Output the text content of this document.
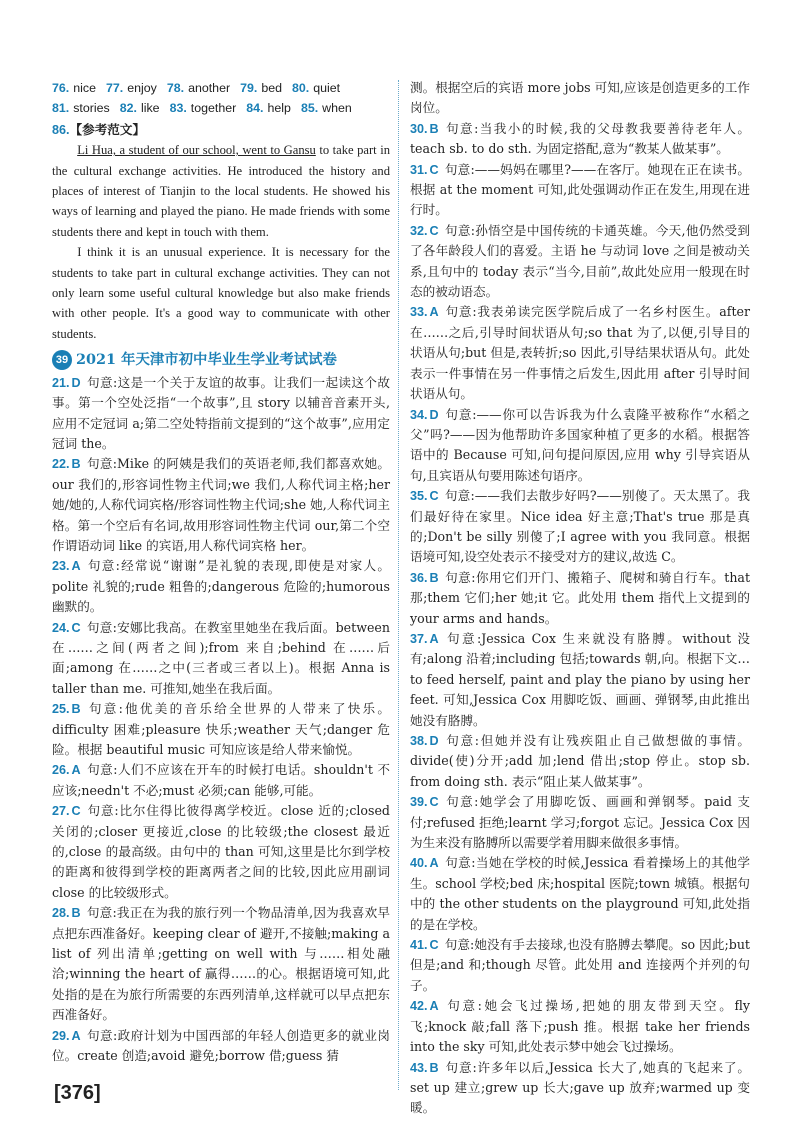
76. nice 77. enjoy 78. another 79. bed 80. quiet
81. stories 82. like 83. together 84. help 85. when
86.【参考范文】

Li Hua, a student of our school, went to Gansu to take part in the cultural exchange activities. He introduced the history and places of interest of Tianjin to the local students. He showed his ways of learning and played the piano. He made friends with some students there and kept in touch with them.

I think it is an unusual experience. It is necessary for the students to take part in cultural exchange activities. They can not only learn some useful cultural knowledge but also make friends with other people. It's a good way to communicate with other students.

39 2021 年天津市初中毕业生学业考试试卷
21. D 句意:这是一个关于友谊的故事。让我们一起读这个故事。第一个空处泛指“一个故事”,且 story 以辅音音素开头,应用不定冠词 a;第二空处特指前文提到的“这个故事”,应用定冠词 the。
22. B 句意:Mike 的阿姨是我们的英语老师,我们都喜欢她。our 我们的,形容词性物主代词;we 我们,人称代词主格;her 她/她的,人称代词宾格/形容词性物主代词;she 她,人称代词主格。第一个空后有名词,故用形容词性物主代词 our,第二个空作谓语动词 like 的宾语,用人称代词宾格 her。
23. A 句意:经常说“谢谢”是礼貌的表现,即使是对家人。polite 礼貌的;rude 粗鲁的;dangerous 危险的;humorous 幽默的。
24. C 句意:安娜比我高。在教室里她坐在我后面。between 在……之间(两者之间);from 来自;behind 在……后面;among 在……之中(三者或三者以上)。根据 Anna is taller than me. 可推知,她坐在我后面。
25. B 句意:他优美的音乐给全世界的人带来了快乐。difficulty 困难;pleasure 快乐;weather 天气;danger 危险。根据 beautiful music 可知应该是给人带来愉悦。
26. A 句意:人们不应该在开车的时候打电话。shouldn't 不应该;needn't 不必;must 必须;can 能够,可能。
27. C 句意:比尔住得比彼得离学校近。close 近的;closed 关闭的;closer 更接近,close 的比较级;the closest 最近的,close 的最高级。由句中的 than 可知,这里是比尔到学校的距离和彼得到学校的距离两者之间的比较,因此应用副词 close 的比较级形式。
28. B 句意:我正在为我的旅行列一个物品清单,因为我喜欢早点把东西准备好。keeping clear of 避开,不接触;making a list of 列出清单;getting on well with 与……相处融洽;winning the heart of 赢得……的心。根据语境可知,此处指的是在为旅行所需要的东西列清单,这样就可以早点把东西准备好。
29. A 句意:政府计划为中国西部的年轻人创造更多的就业岗位。create 创造;avoid 避免;borrow 借;guess 猜
测。根据空后的宾语 more jobs 可知,应该是创造更多的工作岗位。
30. B 句意:当我小的时候,我的父母教我要善待老年人。teach sb. to do sth. 为固定搭配,意为“教某人做某事”。
31. C 句意:——妈妈在哪里?——在客厅。她现在正在读书。根据 at the moment 可知,此处强调动作正在发生,用现在进行时。
32. C 句意:孙悟空是中国传统的卡通英雄。今天,他仍然受到了各年龄段人们的喜爱。主语 he 与动词 love 之间是被动关系,且句中的 today 表示“当今,目前”,故此处应用一般现在时态的被动语态。
33. A 句意:我表弟读完医学院后成了一名乡村医生。after 在……之后,引导时间状语从句;so that 为了,以便,引导目的状语从句;but 但是,表转折;so 因此,引导结果状语从句。此处表示一件事情在另一件事情之后发生,因此用 after 引导时间状语从句。
34. D 句意:——你可以告诉我为什么袁隆平被称作“水稻之父”吗?——因为他帮助许多国家种植了更多的水稻。根据答语中的 Because 可知,问句提问原因,应用 why 引导宾语从句,且宾语从句要用陈述句语序。
35. C 句意:——我们去散步好吗?——别傻了。天太黑了。我们最好待在家里。Nice idea 好主意;That's true 那是真的;Don't be silly 别傻了;I agree with you 我同意。根据语境可知,设空处表示不接受对方的建议,故选 C。
36. B 句意:你用它们开门、搬箱子、爬树和骑自行车。that 那;them 它们;her 她;it 它。此处用 them 指代上文提到的 your arms and hands。
37. A 句意:Jessica Cox 生来就没有胳膊。without 没有;along 沿着;including 包括;towards 朝,向。根据下文… to feed herself, paint and play the piano by using her feet. 可知,Jessica Cox 用脚吃饭、画画、弹钢琴,由此推出她没有胳膊。
38. D 句意:但她并没有让残疾阻止自己做想做的事情。divide(使)分开;add 加;lend 借出;stop 停止。stop sb. from doing sth. 表示“阻止某人做某事”。
39. C 句意:她学会了用脚吃饭、画画和弹钢琴。paid 支付;refused 拒绝;learnt 学习;forgot 忘记。Jessica Cox 因为生来没有胳膊所以需要学着用脚来做很多事情。
40. A 句意:当她在学校的时候,Jessica 看着操场上的其他学生。school 学校;bed 床;hospital 医院;town 城镇。根据句中的 the other students on the playground 可知,此处指的是在学校。
41. C 句意:她没有手去接球,也没有胳膊去攀爬。so 因此;but 但是;and 和;though 尽管。此处用 and 连接两个并列的句子。
42. A 句意:她会飞过操场,把她的朋友带到天空。fly 飞;knock 敲;fall 落下;push 推。根据 take her friends into the sky 可知,此处表示梦中她会飞过操场。
43. B 句意:许多年以后,Jessica 长大了,她真的飞起来了。set up 建立;grew up 长大;gave up 放弃;warmed up 变暖。
[376]
